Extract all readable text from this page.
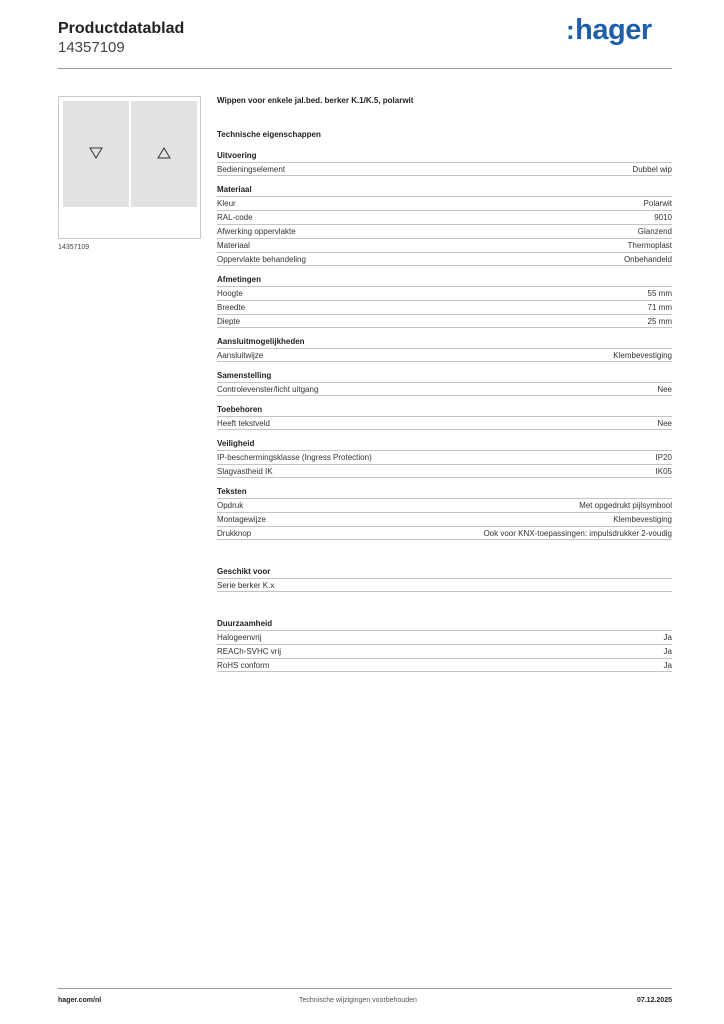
Productdatablad
14357109
:hager
14357109
Wippen voor enkele jal.bed. berker K.1/K.5, polarwit
Technische eigenschappen
Uitvoering
Bedieningselement	Dubbel wip
Materiaal
Kleur	Polarwit
RAL-code	9010
Afwerking oppervlakte	Glanzend
Materiaal	Thermoplast
Oppervlakte behandeling	Onbehandeld
Afmetingen
Hoogte	55 mm
Breedte	71 mm
Diepte	25 mm
Aansluitmogelijkheden
Aansluitwijze	Klembevestiging
Samenstelling
Controlevenster/licht uitgang	Nee
Toebehoren
Heeft tekstveld	Nee
Veiligheid
IP-beschermingsklasse (Ingress Protection)	IP20
Slagvastheid IK	IK05
Teksten
Opdruk	Met opgedrukt pijlsymbool
Montagewijze	Klembevestiging
Drukknop	Ook voor KNX-toepassingen: impulsdrukker 2-voudig
Geschikt voor
Serie berker K.x
Duurzaamheid
Halogeenvrij	Ja
REACh-SVHC vrij	Ja
RoHS conform	Ja
hager.com/nl	Technische wijzigingen voorbehouden	07.12.2025
